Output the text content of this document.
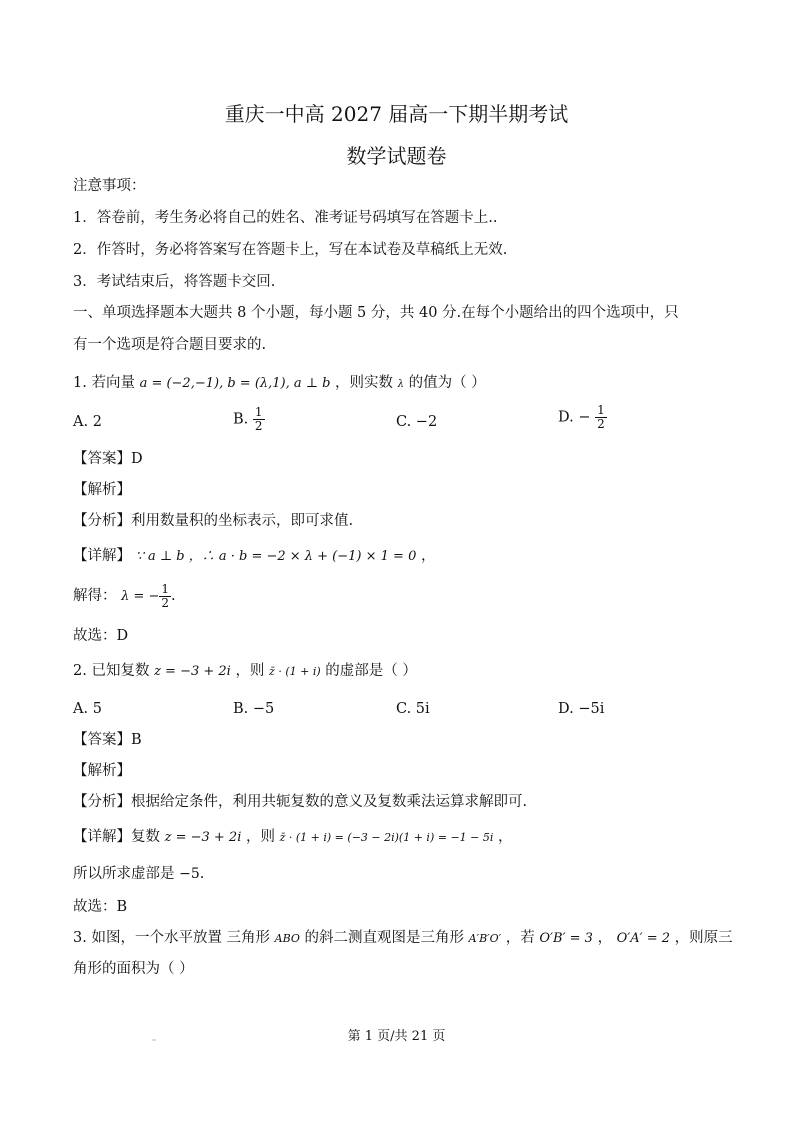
重庆一中高 2027 届高一下期半期考试
数学试题卷
注意事项：
1．答卷前，考生务必将自己的姓名、准考证号码填写在答题卡上..
2．作答时，务必将答案写在答题卡上，写在本试卷及草稿纸上无效.
3．考试结束后，将答题卡交回.
一、单项选择题本大题共 8 个小题，每小题 5 分，共 40 分.在每个小题给出的四个选项中，只
有一个选项是符合题目要求的.
1. 若向量 a = (−2,−1), b = (λ,1), a ⊥ b ，则实数 λ 的值为（ ）
A. 2	B. $\frac{1}{2}$	C. −2	D. − $\frac{1}{2}$
【答案】D
【解析】
【分析】利用数量积的坐标表示，即可求值.
【详解】 ∵ a ⊥ b ，∴ a · b = −2 × λ + (−1) × 1 = 0 ，
解得： λ = − $\frac{1}{2}$ .
故选：D
2. 已知复数 z = −3 + 2i ，则 z̄ · (1 + i) 的虚部是（ ）
A. 5	B. −5	C. 5i	D. −5i
【答案】B
【解析】
【分析】根据给定条件，利用共轭复数的意义及复数乘法运算求解即可.
【详解】复数 z = −3 + 2i ，则 z̄ · (1 + i) = (−3 − 2i)(1 + i) = −1 − 5i ，
所以所求虚部是 −5.
故选：B
3. 如图，一个水平放置 三角形 ABO 的斜二测直观图是三角形 A′B′O′ ，若 O′B′ = 3 ， O′A′ = 2 ，则原三
角形的面积为（ ）
第 1 页/共 21 页
